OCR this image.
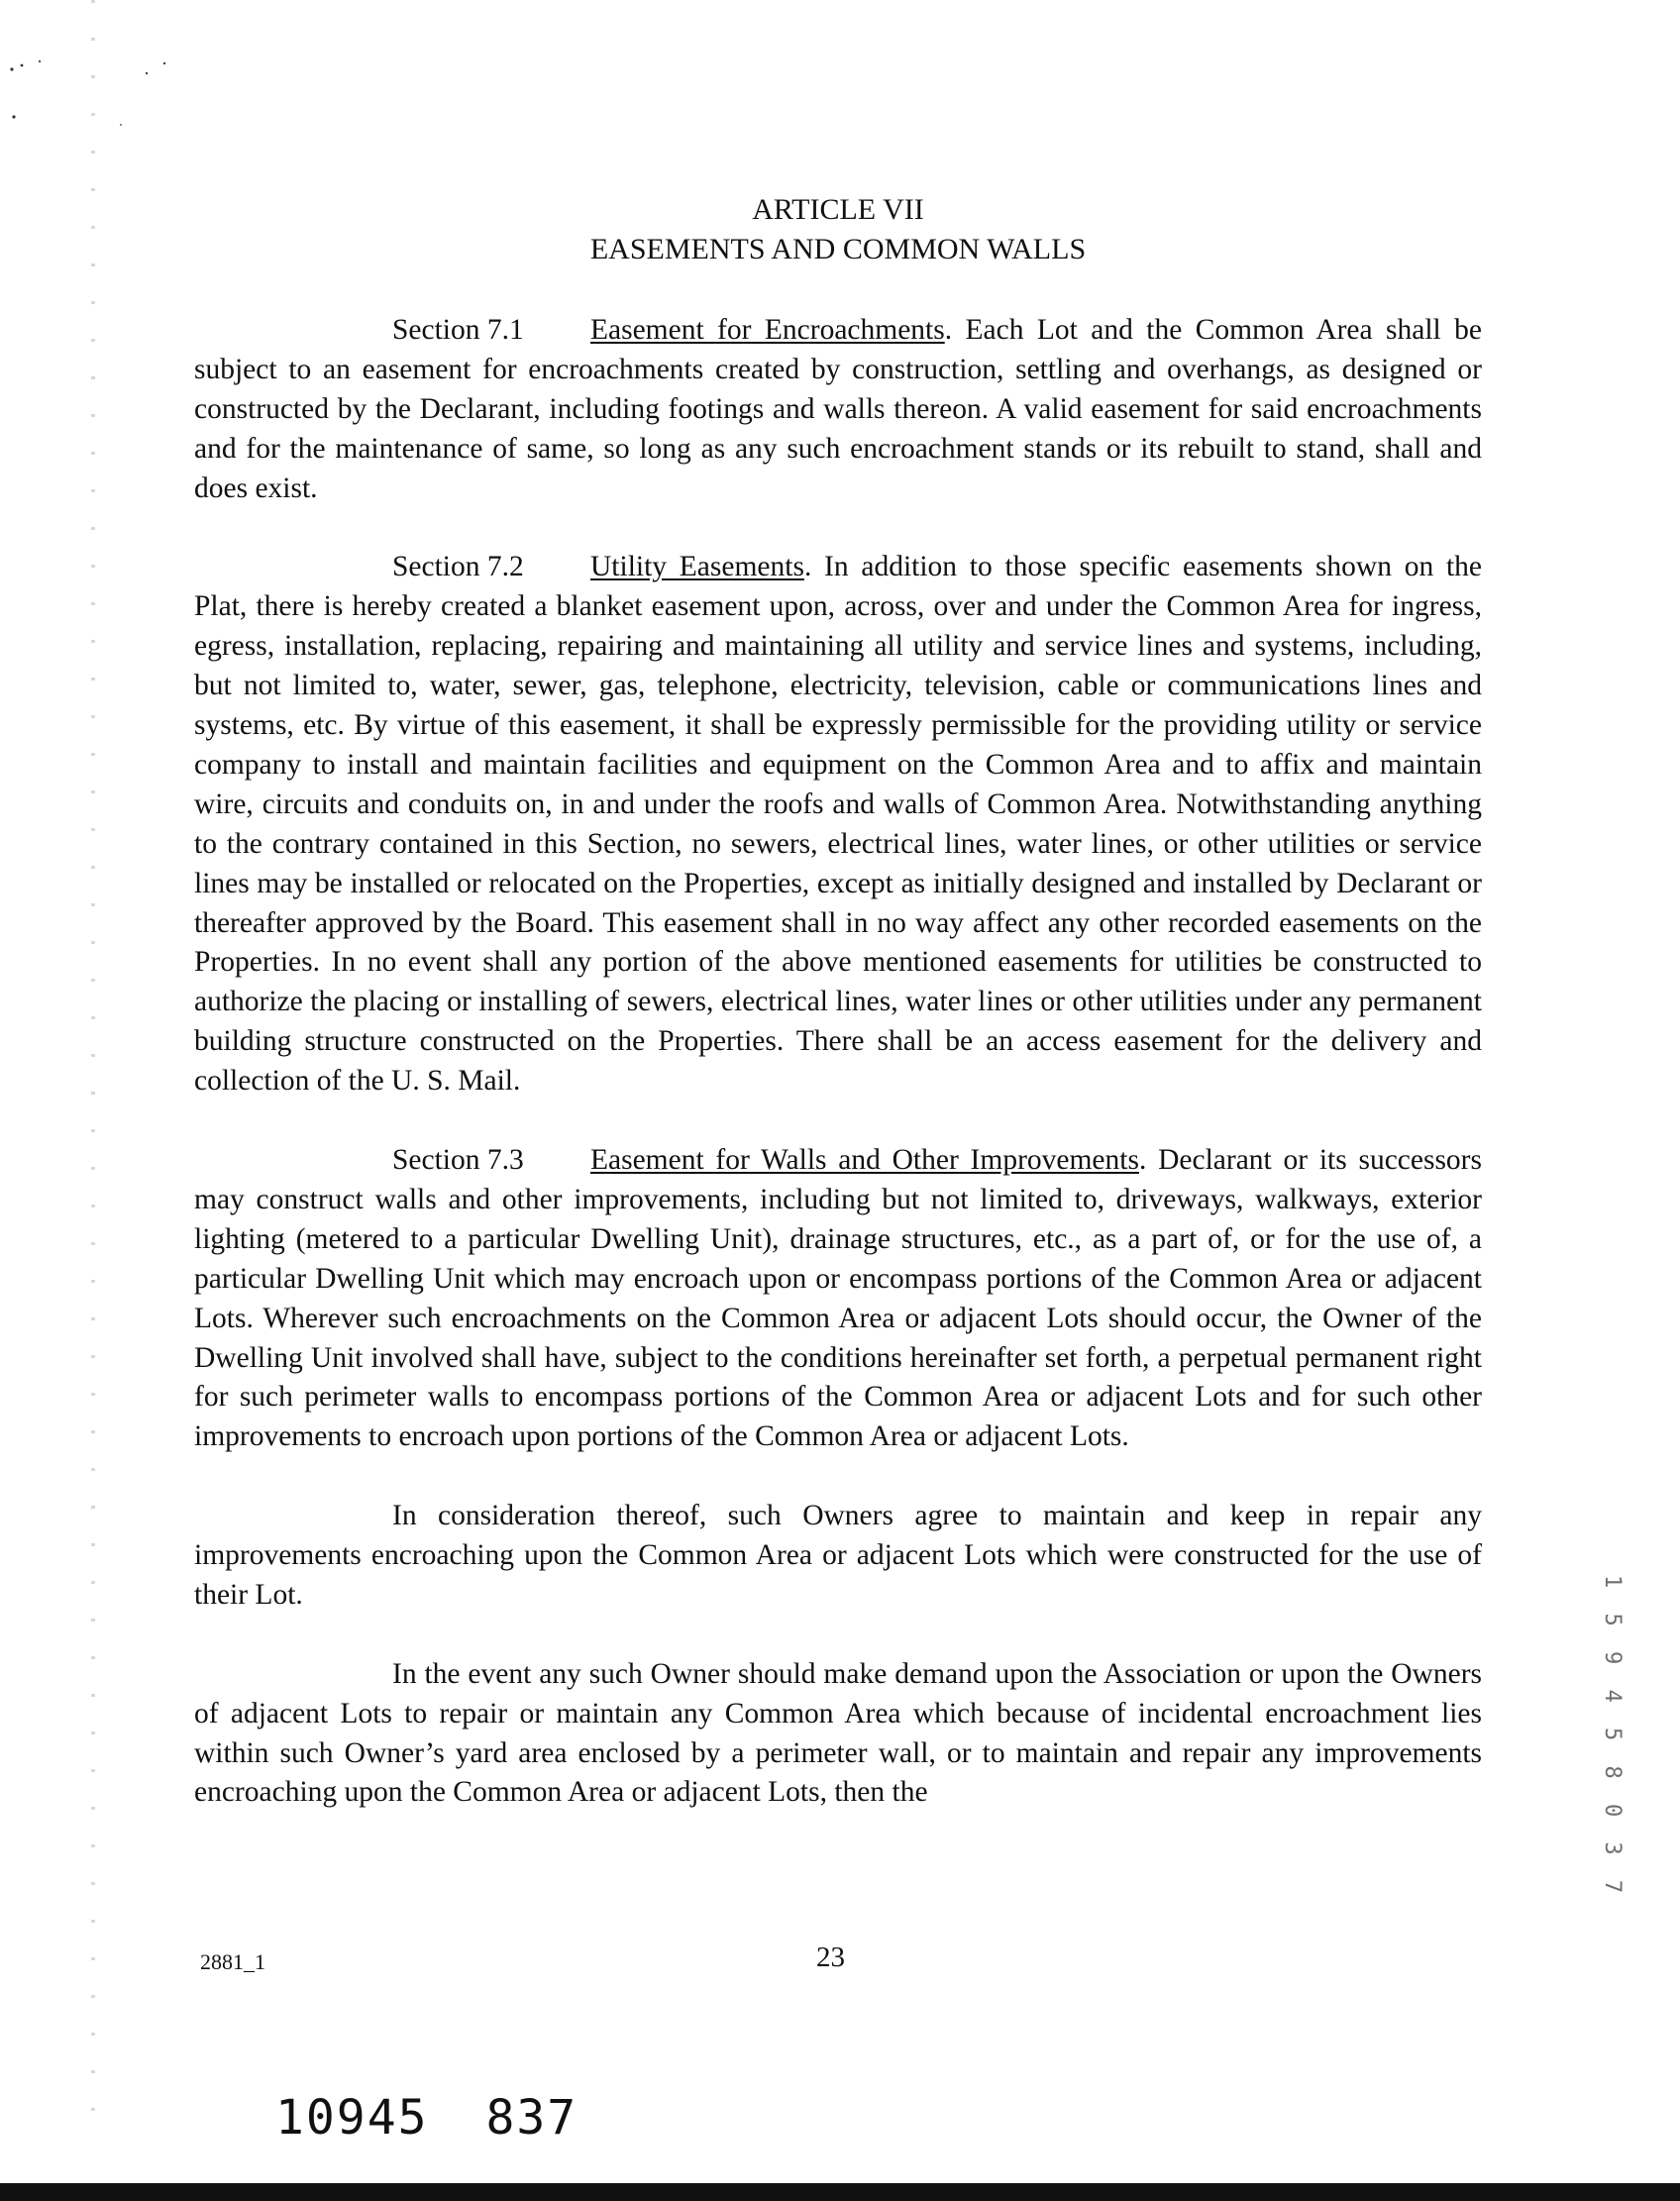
ARTICLE VII
EASEMENTS AND COMMON WALLS

Section 7.1 Easement for Encroachments. Each Lot and the Common Area shall be subject to an easement for encroachments created by construction, settling and overhangs, as designed or constructed by the Declarant, including footings and walls thereon. A valid easement for said encroachments and for the maintenance of same, so long as any such encroachment stands or its rebuilt to stand, shall and does exist.

Section 7.2 Utility Easements. In addition to those specific easements shown on the Plat, there is hereby created a blanket easement upon, across, over and under the Common Area for ingress, egress, installation, replacing, repairing and maintaining all utility and service lines and systems, including, but not limited to, water, sewer, gas, telephone, electricity, television, cable or communications lines and systems, etc. By virtue of this easement, it shall be expressly permissible for the providing utility or service company to install and maintain facilities and equipment on the Common Area and to affix and maintain wire, circuits and conduits on, in and under the roofs and walls of Common Area. Notwithstanding anything to the contrary contained in this Section, no sewers, electrical lines, water lines, or other utilities or service lines may be installed or relocated on the Properties, except as initially designed and installed by Declarant or thereafter approved by the Board. This easement shall in no way affect any other recorded easements on the Properties. In no event shall any portion of the above mentioned easements for utilities be constructed to authorize the placing or installing of sewers, electrical lines, water lines or other utilities under any permanent building structure constructed on the Properties. There shall be an access easement for the delivery and collection of the U. S. Mail.

Section 7.3 Easement for Walls and Other Improvements. Declarant or its successors may construct walls and other improvements, including but not limited to, driveways, walkways, exterior lighting (metered to a particular Dwelling Unit), drainage structures, etc., as a part of, or for the use of, a particular Dwelling Unit which may encroach upon or encompass portions of the Common Area or adjacent Lots. Wherever such encroachments on the Common Area or adjacent Lots should occur, the Owner of the Dwelling Unit involved shall have, subject to the conditions hereinafter set forth, a perpetual permanent right for such perimeter walls to encompass portions of the Common Area or adjacent Lots and for such other improvements to encroach upon portions of the Common Area or adjacent Lots.

In consideration thereof, such Owners agree to maintain and keep in repair any improvements encroaching upon the Common Area or adjacent Lots which were constructed for the use of their Lot.

In the event any such Owner should make demand upon the Association or upon the Owners of adjacent Lots to repair or maintain any Common Area which because of incidental encroachment lies within such Owner’s yard area enclosed by a perimeter wall, or to maintain and repair any improvements encroaching upon the Common Area or adjacent Lots, then the

2881_1	23
10945 837
1 5 9 4 5 8 0 3 7
